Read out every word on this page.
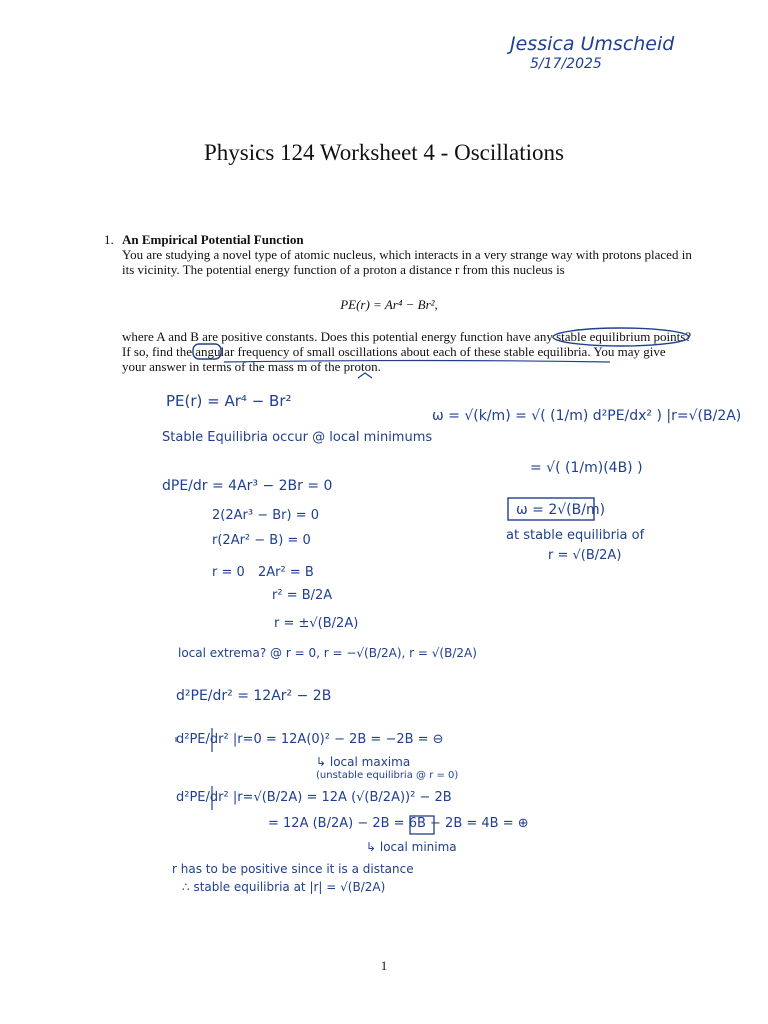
Jessica Umscheid
5/17/2025
Physics 124 Worksheet 4 - Oscillations
1. An Empirical Potential Function
You are studying a novel type of atomic nucleus, which interacts in a very strange way with protons placed in its vicinity. The potential energy function of a proton a distance r from this nucleus is
PE(r) = Ar⁴ − Br²,
where A and B are positive constants. Does this potential energy function have any stable equilibrium points? If so, find the angular frequency of small oscillations about each of these stable equilibria. You may give your answer in terms of the mass m of the proton.
PE(r) = Ar⁴ − Br²
Stable Equilibria occur @ local minimums
dPE/dr = 4Ar³ − 2Br = 0
2(2Ar³ − Br) = 0
r(2Ar² − B) = 0
r = 0 2Ar² = B
r² = B/2A
r = ±√(B/2A)
local extrema? @ r = 0, r = −√(B/2A), r = √(B/2A)
d²PE/dr² = 12Ar² − 2B
d²PE/dr² |r=0 = 12A(0)² − 2B = −2B = ⊖
↳ local maxima
(unstable equilibria @ r = 0)
d²PE/dr² |r=√(B/2A) = 12A (√(B/2A))² − 2B
= 12A (B/2A) − 2B = 6B − 2B = 4B = ⊕
↳ local minima
r has to be positive since it is a distance
∴ stable equilibria at |r| = √(B/2A)
ω = √(k/m) = √( (1/m) d²PE/dx² ) |r=√(B/2A)
= √( (1/m)(4B) )
ω = 2√(B/m)
at stable equilibria of
r = √(B/2A)
1
